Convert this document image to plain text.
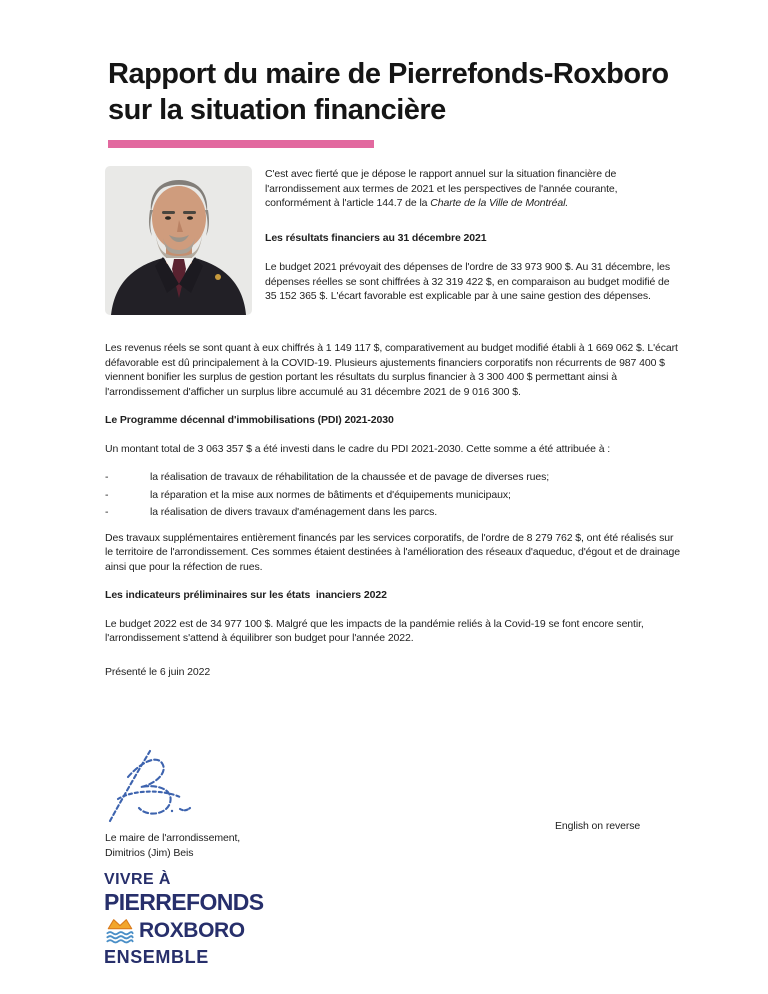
Rapport du maire de Pierrefonds-Roxboro
sur la situation financière

C'est avec fierté que je dépose le rapport annuel sur la situation financière de l'arrondissement aux termes de 2021 et les perspectives de l'année courante, conformément à l'article 144.7 de la Charte de la Ville de Montréal.

Les résultats financiers au 31 décembre 2021

Le budget 2021 prévoyait des dépenses de l'ordre de 33 973 900 $. Au 31 décembre, les dépenses réelles se sont chiffrées à 32 319 422 $, en comparaison au budget modifié de 35 152 365 $. L'écart favorable est explicable par à une saine gestion des dépenses.

Les revenus réels se sont quant à eux chiffrés à 1 149 117 $, comparativement au budget modifié établi à 1 669 062 $. L'écart défavorable est dû principalement à la COVID-19. Plusieurs ajustements financiers corporatifs non récurrents de 987 400 $ viennent bonifier les surplus de gestion portant les résultats du surplus financier à 3 300 400 $ permettant ainsi à l'arrondissement d'afficher un surplus libre accumulé au 31 décembre 2021 de 9 016 300 $.

Le Programme décennal d'immobilisations (PDI) 2021-2030

Un montant total de 3 063 357 $ a été investi dans le cadre du PDI 2021-2030. Cette somme a été attribuée à :

-	la réalisation de travaux de réhabilitation de la chaussée et de pavage de diverses rues;
-	la réparation et la mise aux normes de bâtiments et d'équipements municipaux;
-	la réalisation de divers travaux d'aménagement dans les parcs.

Des travaux supplémentaires entièrement financés par les services corporatifs, de l'ordre de 8 279 762 $, ont été réalisés sur le territoire de l'arrondissement. Ces sommes étaient destinées à l'amélioration des réseaux d'aqueduc, d'égout et de drainage ainsi que pour la réfection de rues.

Les indicateurs préliminaires sur les états  inanciers 2022

Le budget 2022 est de 34 977 100 $. Malgré que les impacts de la pandémie reliés à la Covid-19 se font encore sentir, l'arrondissement s'attend à équilibrer son budget pour l'année 2022.

Présenté le 6 juin 2022

Le maire de l'arrondissement,
Dimitrios (Jim) Beis
English on reverse
VIVRE À
PIERREFONDS
ROXBORO
ENSEMBLE
